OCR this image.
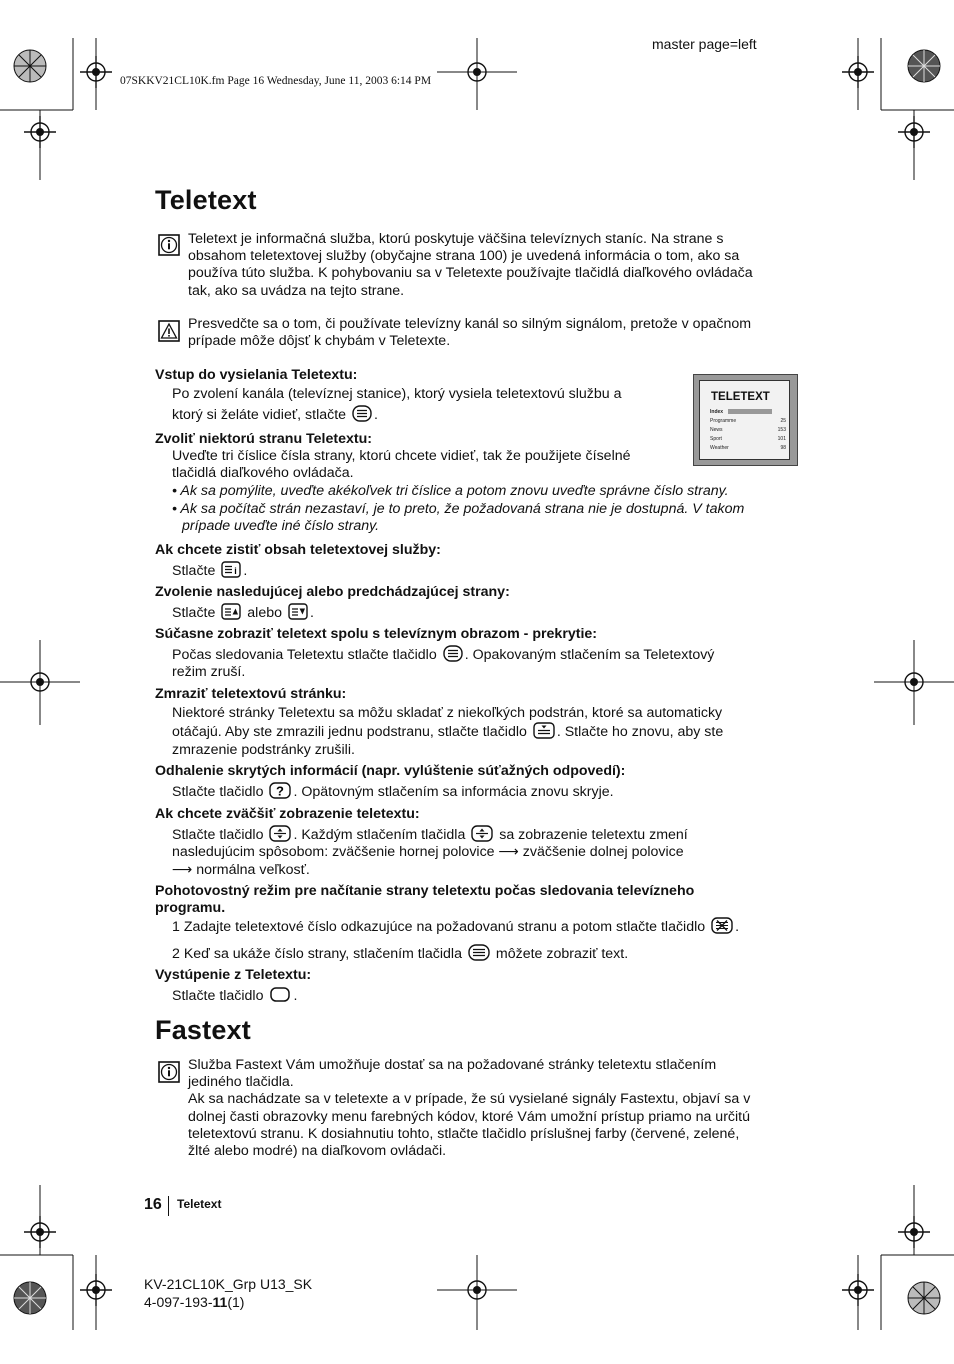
master page=left
07SKKV21CL10K.fm Page 16 Wednesday, June 11, 2003 6:14 PM
Teletext
Teletext je informačná služba, ktorú poskytuje väčšina televíznych staníc. Na strane s
obsahom teletextovej služby (obyčajne strana 100) je uvedená informácia o tom, ako sa
používa túto služba. K pohybovaniu sa v Teletexte používajte tlačidlá diaľkového ovládača
tak, ako sa uvádza na tejto strane.
Presvedčte sa o tom, či používate televízny kanál so silným signálom, pretože v opačnom
prípade môže dôjsť k chybám v Teletexte.
TELETEXT
Index
Programme	25
News	153
Sport	101
Weather	98
Vstup do vysielania Teletextu:
Po zvolení kanála (televíznej stanice), ktorý vysiela teletextovú službu a
ktorý si želáte vidieť, stlačte .
Zvoliť niektorú stranu Teletextu:
Uveďte tri číslice čísla strany, ktorú chcete vidieť, tak že použijete číselné
tlačidlá diaľkového ovládača.
• Ak sa pomýlite, uveďte akékoľvek tri číslice a potom znovu uveďte správne číslo strany.
• Ak sa počítač strán nezastaví, je to preto, že požadovaná strana nie je dostupná. V takom
prípade uveďte iné číslo strany.
Ak chcete zistiť obsah teletextovej služby:
Stlačte i .
Zvolenie nasledujúcej alebo predchádzajúcej strany:
Stlačte alebo .
Súčasne zobraziť teletext spolu s televíznym obrazom - prekrytie:
Počas sledovania Teletextu stlačte tlačidlo . Opakovaným stlačením sa Teletextový
režim zruší.
Zmraziť teletextovú stránku:
Niektoré stránky Teletextu sa môžu skladať z niekoľkých podstrán, ktoré sa automaticky
otáčajú. Aby ste zmrazili jednu podstranu, stlačte tlačidlo . Stlačte ho znovu, aby ste
zmrazenie podstránky zrušili.
Odhalenie skrytých informácií (napr. vylúštenie súťažných odpovedí):
Stlačte tlačidlo ? . Opätovným stlačením sa informácia znovu skryje.
Ak chcete zväčšiť zobrazenie teletextu:
Stlačte tlačidlo . Každým stlačením tlačidla sa zobrazenie teletextu zmení
nasledujúcim spôsobom: zväčšenie hornej polovice ⟶ zväčšenie dolnej polovice
⟶ normálna veľkosť.
Pohotovostný režim pre načítanie strany teletextu počas sledovania televízneho
programu.
1 Zadajte teletextové číslo odkazujúce na požadovanú stranu a potom stlačte tlačidlo .
2 Keď sa ukáže číslo strany, stlačením tlačidla môžete zobraziť text.
Vystúpenie z Teletextu:
Stlačte tlačidlo .
Fastext
Služba Fastext Vám umožňuje dostať sa na požadované stránky teletextu stlačením
jediného tlačidla.
Ak sa nachádzate sa v teletexte a v prípade, že sú vysielané signály Fastextu, objaví sa v
dolnej časti obrazovky menu farebných kódov, ktoré Vám umožní prístup priamo na určitú
teletextovú stranu. K dosiahnutiu tohto, stlačte tlačidlo príslušnej farby (červené, zelené,
žlté alebo modré) na diaľkovom ovládači.
16 Teletext
KV-21CL10K_Grp U13_SK
4-097-193-11(1)
